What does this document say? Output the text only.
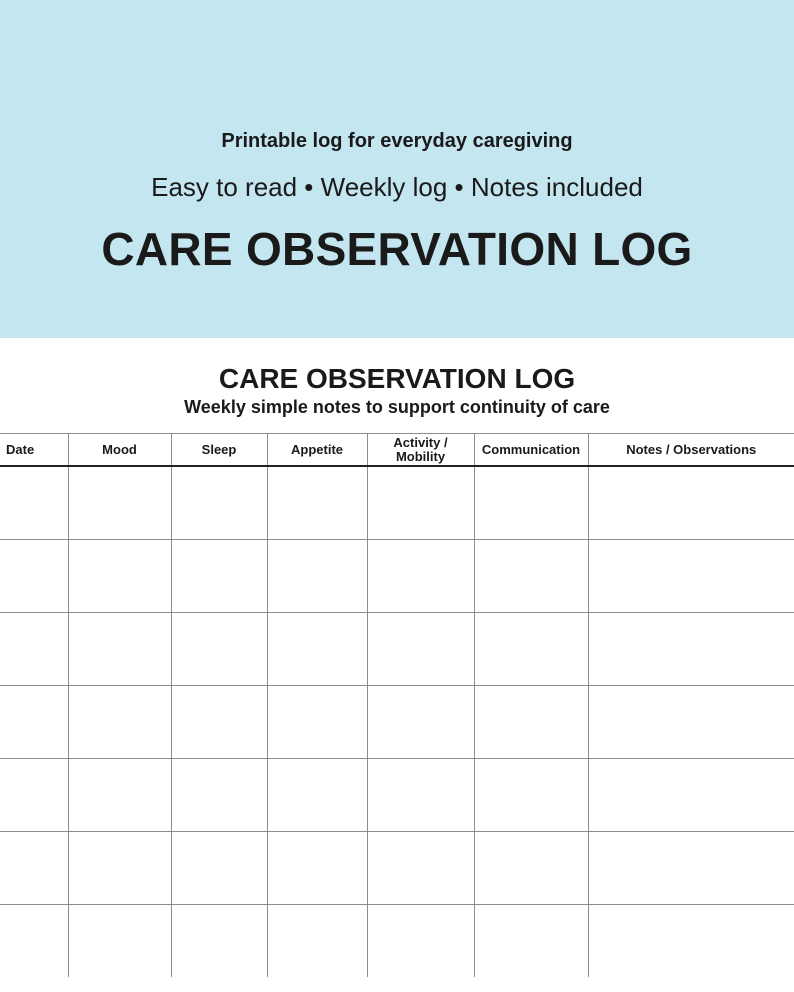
Printable log for everyday caregiving
Easy to read • Weekly log • Notes included
CARE OBSERVATION LOG
CARE OBSERVATION LOG
Weekly simple notes to support continuity of care
Date	Mood	Sleep	Appetite	Activity /
Mobility	Communication	Notes / Observations
